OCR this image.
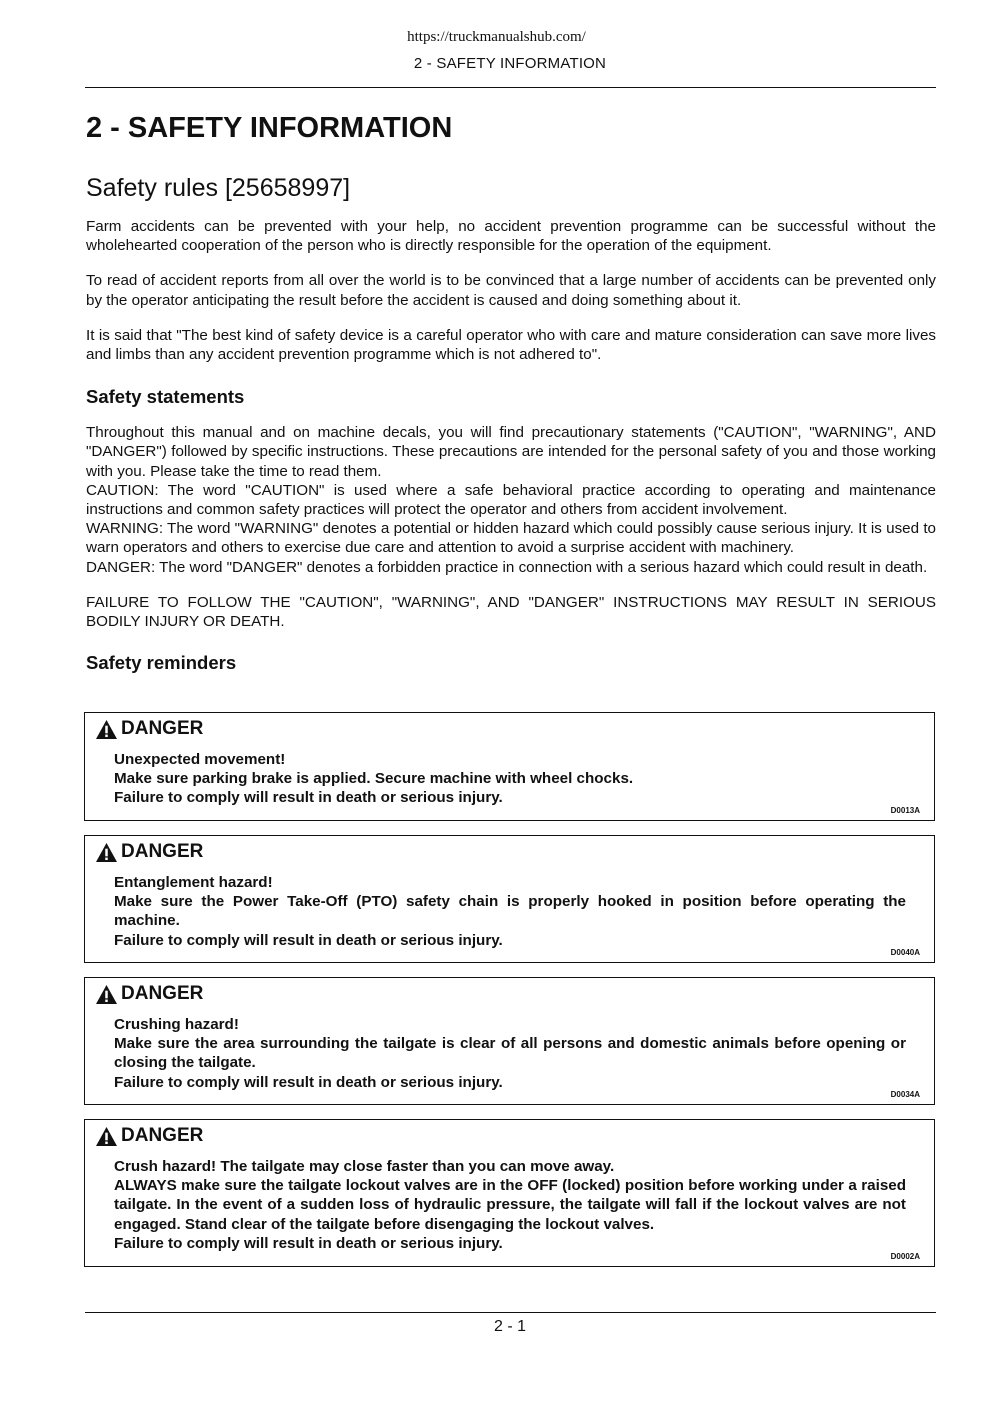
https://truckmanualshub.com/
2 - SAFETY INFORMATION
2 - SAFETY INFORMATION
Safety rules [25658997]

Farm accidents can be prevented with your help, no accident prevention programme can be successful without the wholehearted cooperation of the person who is directly responsible for the operation of the equipment.

To read of accident reports from all over the world is to be convinced that a large number of accidents can be prevented only by the operator anticipating the result before the accident is caused and doing something about it.

It is said that "The best kind of safety device is a careful operator who with care and mature consideration can save more lives and limbs than any accident prevention programme which is not adhered to".

Safety statements

Throughout this manual and on machine decals, you will find precautionary statements ("CAUTION", "WARNING", AND "DANGER") followed by specific instructions. These precautions are intended for the personal safety of you and those working with you. Please take the time to read them.
CAUTION: The word "CAUTION" is used where a safe behavioral practice according to operating and maintenance instructions and common safety practices will protect the operator and others from accident involvement.
WARNING: The word "WARNING" denotes a potential or hidden hazard which could possibly cause serious injury. It is used to warn operators and others to exercise due care and attention to avoid a surprise accident with machinery.
DANGER: The word "DANGER" denotes a forbidden practice in connection with a serious hazard which could result in death.

FAILURE TO FOLLOW THE "CAUTION", "WARNING", AND "DANGER" INSTRUCTIONS MAY RESULT IN SERIOUS BODILY INJURY OR DEATH.

Safety reminders
DANGER
Unexpected movement!
Make sure parking brake is applied. Secure machine with wheel chocks.
Failure to comply will result in death or serious injury.
D0013A
DANGER
Entanglement hazard!
Make sure the Power Take-Off (PTO) safety chain is properly hooked in position before operating the machine.
Failure to comply will result in death or serious injury.
D0040A
DANGER
Crushing hazard!
Make sure the area surrounding the tailgate is clear of all persons and domestic animals before opening or closing the tailgate.
Failure to comply will result in death or serious injury.
D0034A
DANGER
Crush hazard! The tailgate may close faster than you can move away.
ALWAYS make sure the tailgate lockout valves are in the OFF (locked) position before working under a raised tailgate. In the event of a sudden loss of hydraulic pressure, the tailgate will fall if the lockout valves are not engaged. Stand clear of the tailgate before disengaging the lockout valves.
Failure to comply will result in death or serious injury.
D0002A
2 - 1
